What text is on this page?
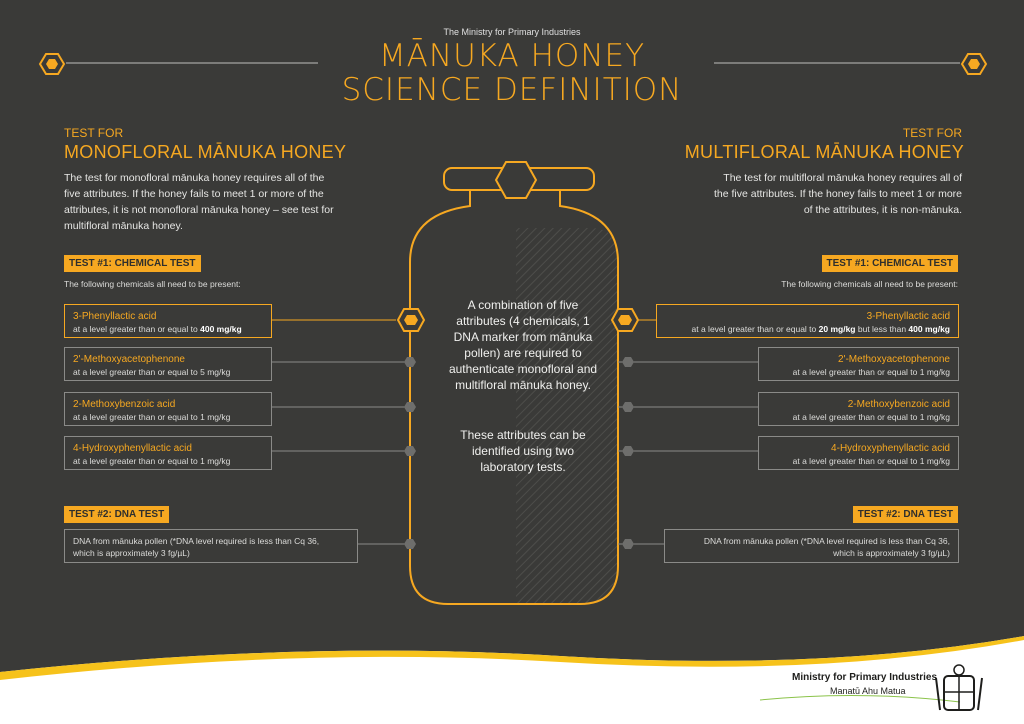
The Ministry for Primary Industries
MĀNUKA HONEY
SCIENCE DEFINITION
TEST FOR
MONOFLORAL MĀNUKA HONEY
The test for monofloral mānuka honey requires all of the five attributes. If the honey fails to meet 1 or more of the attributes, it is not monofloral mānuka honey – see test for multifloral mānuka honey.
TEST #1: CHEMICAL TEST
The following chemicals all need to be present:
3-Phenyllactic acid
at a level greater than or equal to 400 mg/kg
2'-Methoxyacetophenone
at a level greater than or equal to 5 mg/kg
2-Methoxybenzoic acid
at a level greater than or equal to 1 mg/kg
4-Hydroxyphenyllactic acid
at a level greater than or equal to 1 mg/kg
TEST #2: DNA TEST
DNA from mānuka pollen (*DNA level required is less than Cq 36,
which is approximately 3 fg/µL)
TEST FOR
MULTIFLORAL MĀNUKA HONEY
The test for multifloral mānuka honey requires all of the five attributes. If the honey fails to meet 1 or more of the attributes, it is non-mānuka.
TEST #1: CHEMICAL TEST
The following chemicals all need to be present:
3-Phenyllactic acid
at a level greater than or equal to 20 mg/kg but less than 400 mg/kg
2'-Methoxyacetophenone
at a level greater than or equal to 1 mg/kg
2-Methoxybenzoic acid
at a level greater than or equal to 1 mg/kg
4-Hydroxyphenyllactic acid
at a level greater than or equal to 1 mg/kg
TEST #2: DNA TEST
DNA from mānuka pollen (*DNA level required is less than Cq 36,
which is approximately 3 fg/µL)
A combination of five attributes (4 chemicals, 1 DNA marker from mānuka pollen) are required to authenticate monofloral and multifloral mānuka honey.
These attributes can be identified using two laboratory tests.
Ministry for Primary Industries
Manatū Ahu Matua
